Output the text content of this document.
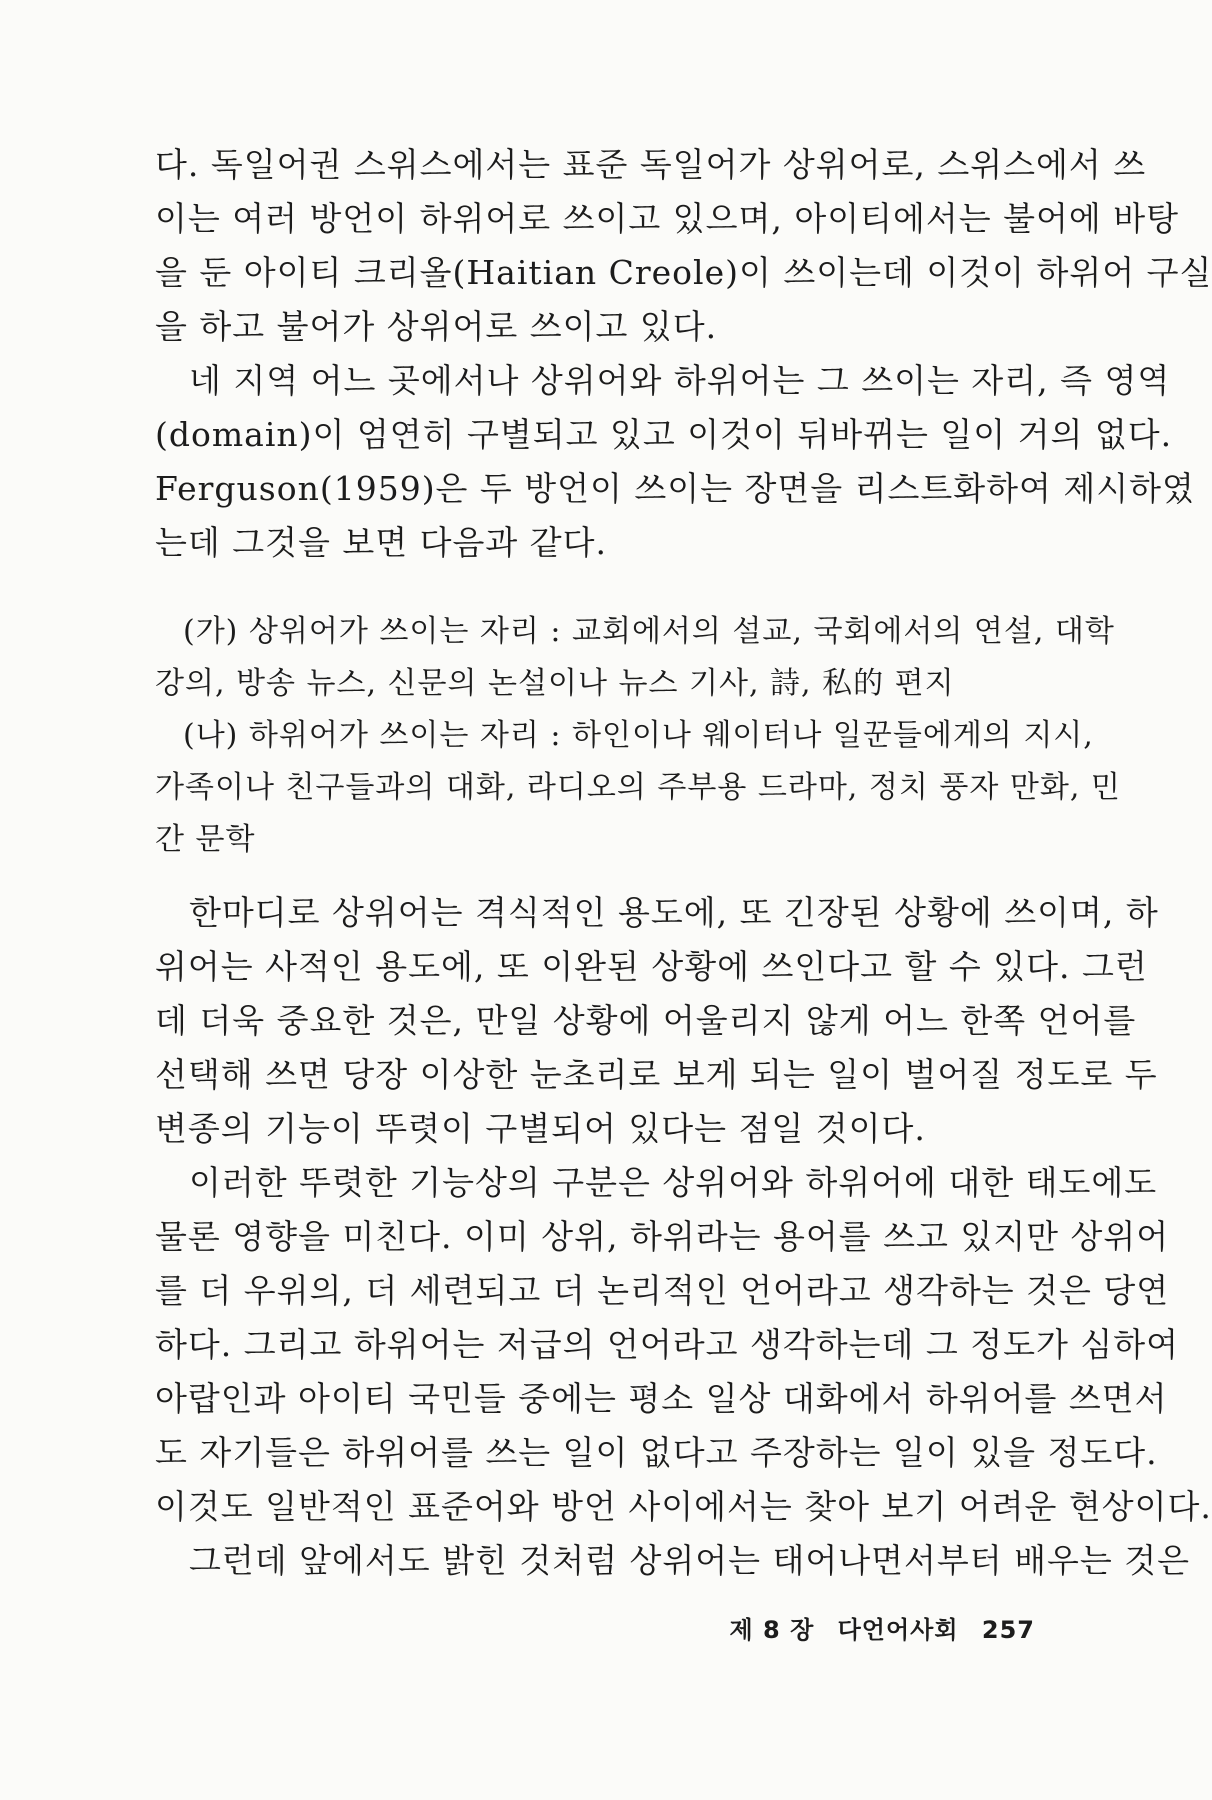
다. 독일어권 스위스에서는 표준 독일어가 상위어로, 스위스에서 쓰
이는 여러 방언이 하위어로 쓰이고 있으며, 아이티에서는 불어에 바탕
을 둔 아이티 크리올(Haitian Creole)이 쓰이는데 이것이 하위어 구실
을 하고 불어가 상위어로 쓰이고 있다.
네 지역 어느 곳에서나 상위어와 하위어는 그 쓰이는 자리, 즉 영역
(domain)이 엄연히 구별되고 있고 이것이 뒤바뀌는 일이 거의 없다.
Ferguson(1959)은 두 방언이 쓰이는 장면을 리스트화하여 제시하였
는데 그것을 보면 다음과 같다.
(가) 상위어가 쓰이는 자리 : 교회에서의 설교, 국회에서의 연설, 대학
강의, 방송 뉴스, 신문의 논설이나 뉴스 기사, 詩, 私的 편지
(나) 하위어가 쓰이는 자리 : 하인이나 웨이터나 일꾼들에게의 지시,
가족이나 친구들과의 대화, 라디오의 주부용 드라마, 정치 풍자 만화, 민
간 문학
한마디로 상위어는 격식적인 용도에, 또 긴장된 상황에 쓰이며, 하
위어는 사적인 용도에, 또 이완된 상황에 쓰인다고 할 수 있다. 그런
데 더욱 중요한 것은, 만일 상황에 어울리지 않게 어느 한쪽 언어를
선택해 쓰면 당장 이상한 눈초리로 보게 되는 일이 벌어질 정도로 두
변종의 기능이 뚜렷이 구별되어 있다는 점일 것이다.
이러한 뚜렷한 기능상의 구분은 상위어와 하위어에 대한 태도에도
물론 영향을 미친다. 이미 상위, 하위라는 용어를 쓰고 있지만 상위어
를 더 우위의, 더 세련되고 더 논리적인 언어라고 생각하는 것은 당연
하다. 그리고 하위어는 저급의 언어라고 생각하는데 그 정도가 심하여
아랍인과 아이티 국민들 중에는 평소 일상 대화에서 하위어를 쓰면서
도 자기들은 하위어를 쓰는 일이 없다고 주장하는 일이 있을 정도다.
이것도 일반적인 표준어와 방언 사이에서는 찾아 보기 어려운 현상이다.
그런데 앞에서도 밝힌 것처럼 상위어는 태어나면서부터 배우는 것은
제 8 장 다언어사회 257
